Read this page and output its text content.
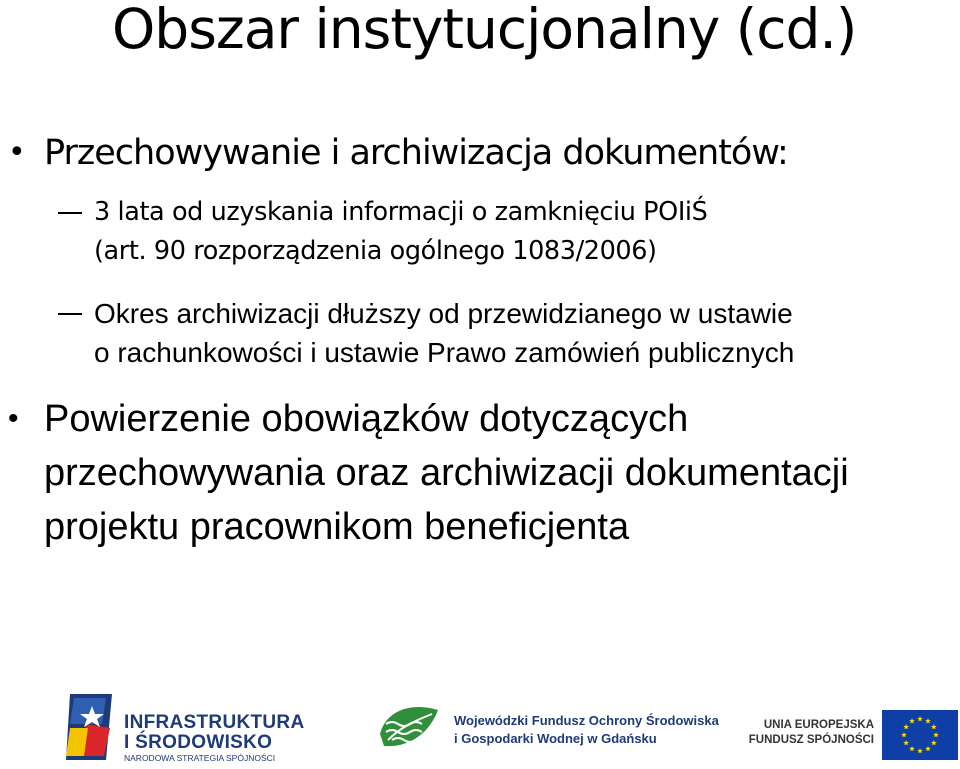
Obszar instytucjonalny (cd.)
• Przechowywanie i archiwizacja dokumentów:
3 lata od uzyskania informacji o zamknięciu POIiŚ
(art. 90 rozporządzenia ogólnego 1083/2006)
Okres archiwizacji dłuższy od przewidzianego w ustawie
o rachunkowości i ustawie Prawo zamówień publicznych
• Powierzenie obowiązków dotyczących
przechowywania oraz archiwizacji dokumentacji
projektu pracownikom beneficjenta
INFRASTRUKTURA
I ŚRODOWISKO
NARODOWA STRATEGIA SPÓJNOŚCI
Wojewódzki Fundusz Ochrony Środowiska
i Gospodarki Wodnej w Gdańsku
UNIA EUROPEJSKA
FUNDUSZ SPÓJNOŚCI
